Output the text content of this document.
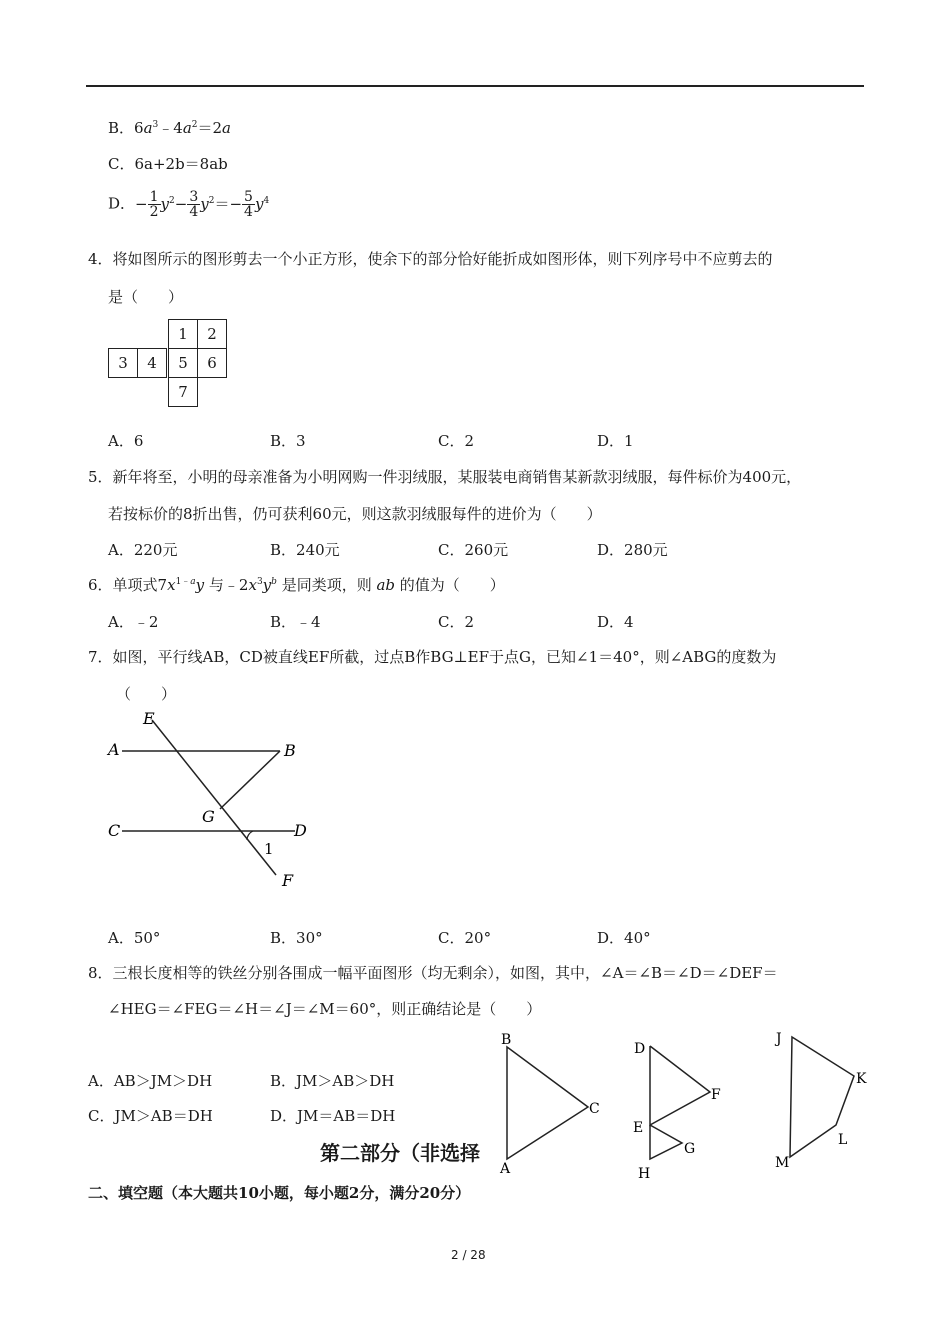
B．$6a^3﹣4a^2=2a$
C．6a+2b＝8ab
D．− $\frac{1}{2} y^2- \frac{3}{4} y^2=- \frac{5}{4} y^4$
4．将如图所示的图形剪去一个小正方形，使余下的部分恰好能折成如图形体，则下列序号中不应剪去的
是（　　）
1	2
3	4	5	6
7
A．6	B．3	C．2	D．1
5．新年将至，小明的母亲准备为小明网购一件羽绒服，某服装电商销售某新款羽绒服，每件标价为400元，
若按标价的8折出售，仍可获利60元，则这款羽绒服每件的进价为（　　）
A．220元	B．240元	C．260元	D．280元
6．单项式$7x^{1﹣a}y$ 与$﹣2x^3y^b$ 是同类项，则 ab 的值为（　　）
A．﹣2	B．﹣4	C．2	D．4
7．如图，平行线AB，CD被直线EF所截，过点B作BG⊥EF于点G，已知∠1＝40°，则∠ABG的度数为
（　　）
E
A	B
G
C	D
1
F
A．50°	B．30°	C．20°	D．40°
8．三根长度相等的铁丝分别各围成一幅平面图形（均无剩余），如图，其中，∠A＝∠B＝∠D＝∠DEF＝
∠HEG＝∠FEG＝∠H＝∠J＝∠M＝60°，则正确结论是（　　）
A．AB＞JM＞DH	B．JM＞AB＞DH
C．JM＞AB＝DH	D．JM＝AB＝DH
B
C
A
D
F
E
G
H
J
K
L
M
第二部分（非选择
二、填空题（本大题共10小题，每小题2分，满分20分）
2 / 28
